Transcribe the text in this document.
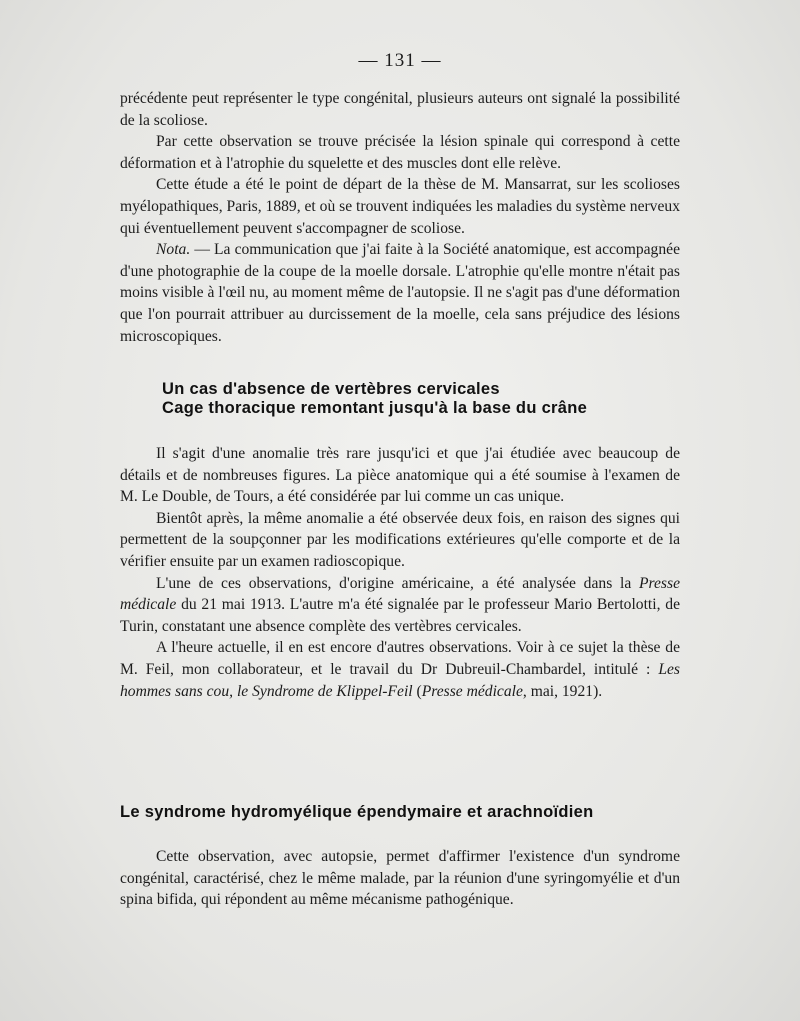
— 131 —

précédente peut représenter le type congénital, plusieurs auteurs ont signalé la possibilité de la scoliose.

Par cette observation se trouve précisée la lésion spinale qui correspond à cette déformation et à l'atrophie du squelette et des muscles dont elle relève.

Cette étude a été le point de départ de la thèse de M. Mansarrat, sur les scolioses myélopathiques, Paris, 1889, et où se trouvent indiquées les maladies du système nerveux qui éventuellement peuvent s'accompagner de scoliose.

Nota. — La communication que j'ai faite à la Société anatomique, est accompagnée d'une photographie de la coupe de la moelle dorsale. L'atrophie qu'elle montre n'était pas moins visible à l'œil nu, au moment même de l'autopsie. Il ne s'agit pas d'une déformation que l'on pourrait attribuer au durcissement de la moelle, cela sans préjudice des lésions microscopiques.

Un cas d'absence de vertèbres cervicales
Cage thoracique remontant jusqu'à la base du crâne

Il s'agit d'une anomalie très rare jusqu'ici et que j'ai étudiée avec beaucoup de détails et de nombreuses figures. La pièce anatomique qui a été soumise à l'examen de M. Le Double, de Tours, a été considérée par lui comme un cas unique.

Bientôt après, la même anomalie a été observée deux fois, en raison des signes qui permettent de la soupçonner par les modifications extérieures qu'elle comporte et de la vérifier ensuite par un examen radioscopique.

L'une de ces observations, d'origine américaine, a été analysée dans la Presse médicale du 21 mai 1913. L'autre m'a été signalée par le professeur Mario Bertolotti, de Turin, constatant une absence complète des vertèbres cervicales.

A l'heure actuelle, il en est encore d'autres observations. Voir à ce sujet la thèse de M. Feil, mon collaborateur, et le travail du Dr Dubreuil-Chambardel, intitulé : Les hommes sans cou, le Syndrome de Klippel-Feil (Presse médicale, mai, 1921).

Le syndrome hydromyélique épendymaire et arachnoïdien

Cette observation, avec autopsie, permet d'affirmer l'existence d'un syndrome congénital, caractérisé, chez le même malade, par la réunion d'une syringomyélie et d'un spina bifida, qui répondent au même mécanisme pathogénique.
